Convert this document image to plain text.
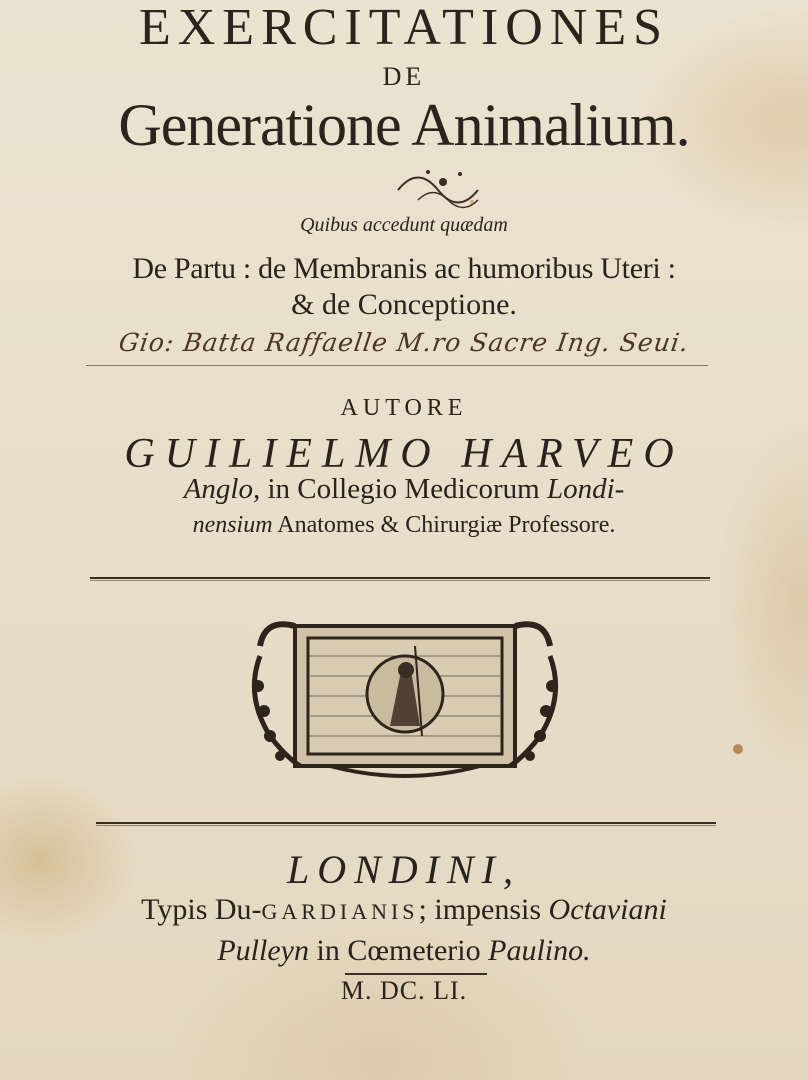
EXERCITATIONES
DE
Generatione Animalium.
Quibus accedunt quædam
De Partu : de Membranis ac humoribus Uteri :
& de Conceptione.
Gio: Batta Raffaelle M.ro Sacre Ing. Seui.
AUTORE
GUILIELMO HARVEO
Anglo, in Collegio Medicorum Londi-
nensium Anatomes & Chirurgiæ Professore.
LONDINI,
Typis Du-GARDIANIS; impensis Octaviani
Pulleyn in Cœmeterio Paulino.
M. DC. LI.
